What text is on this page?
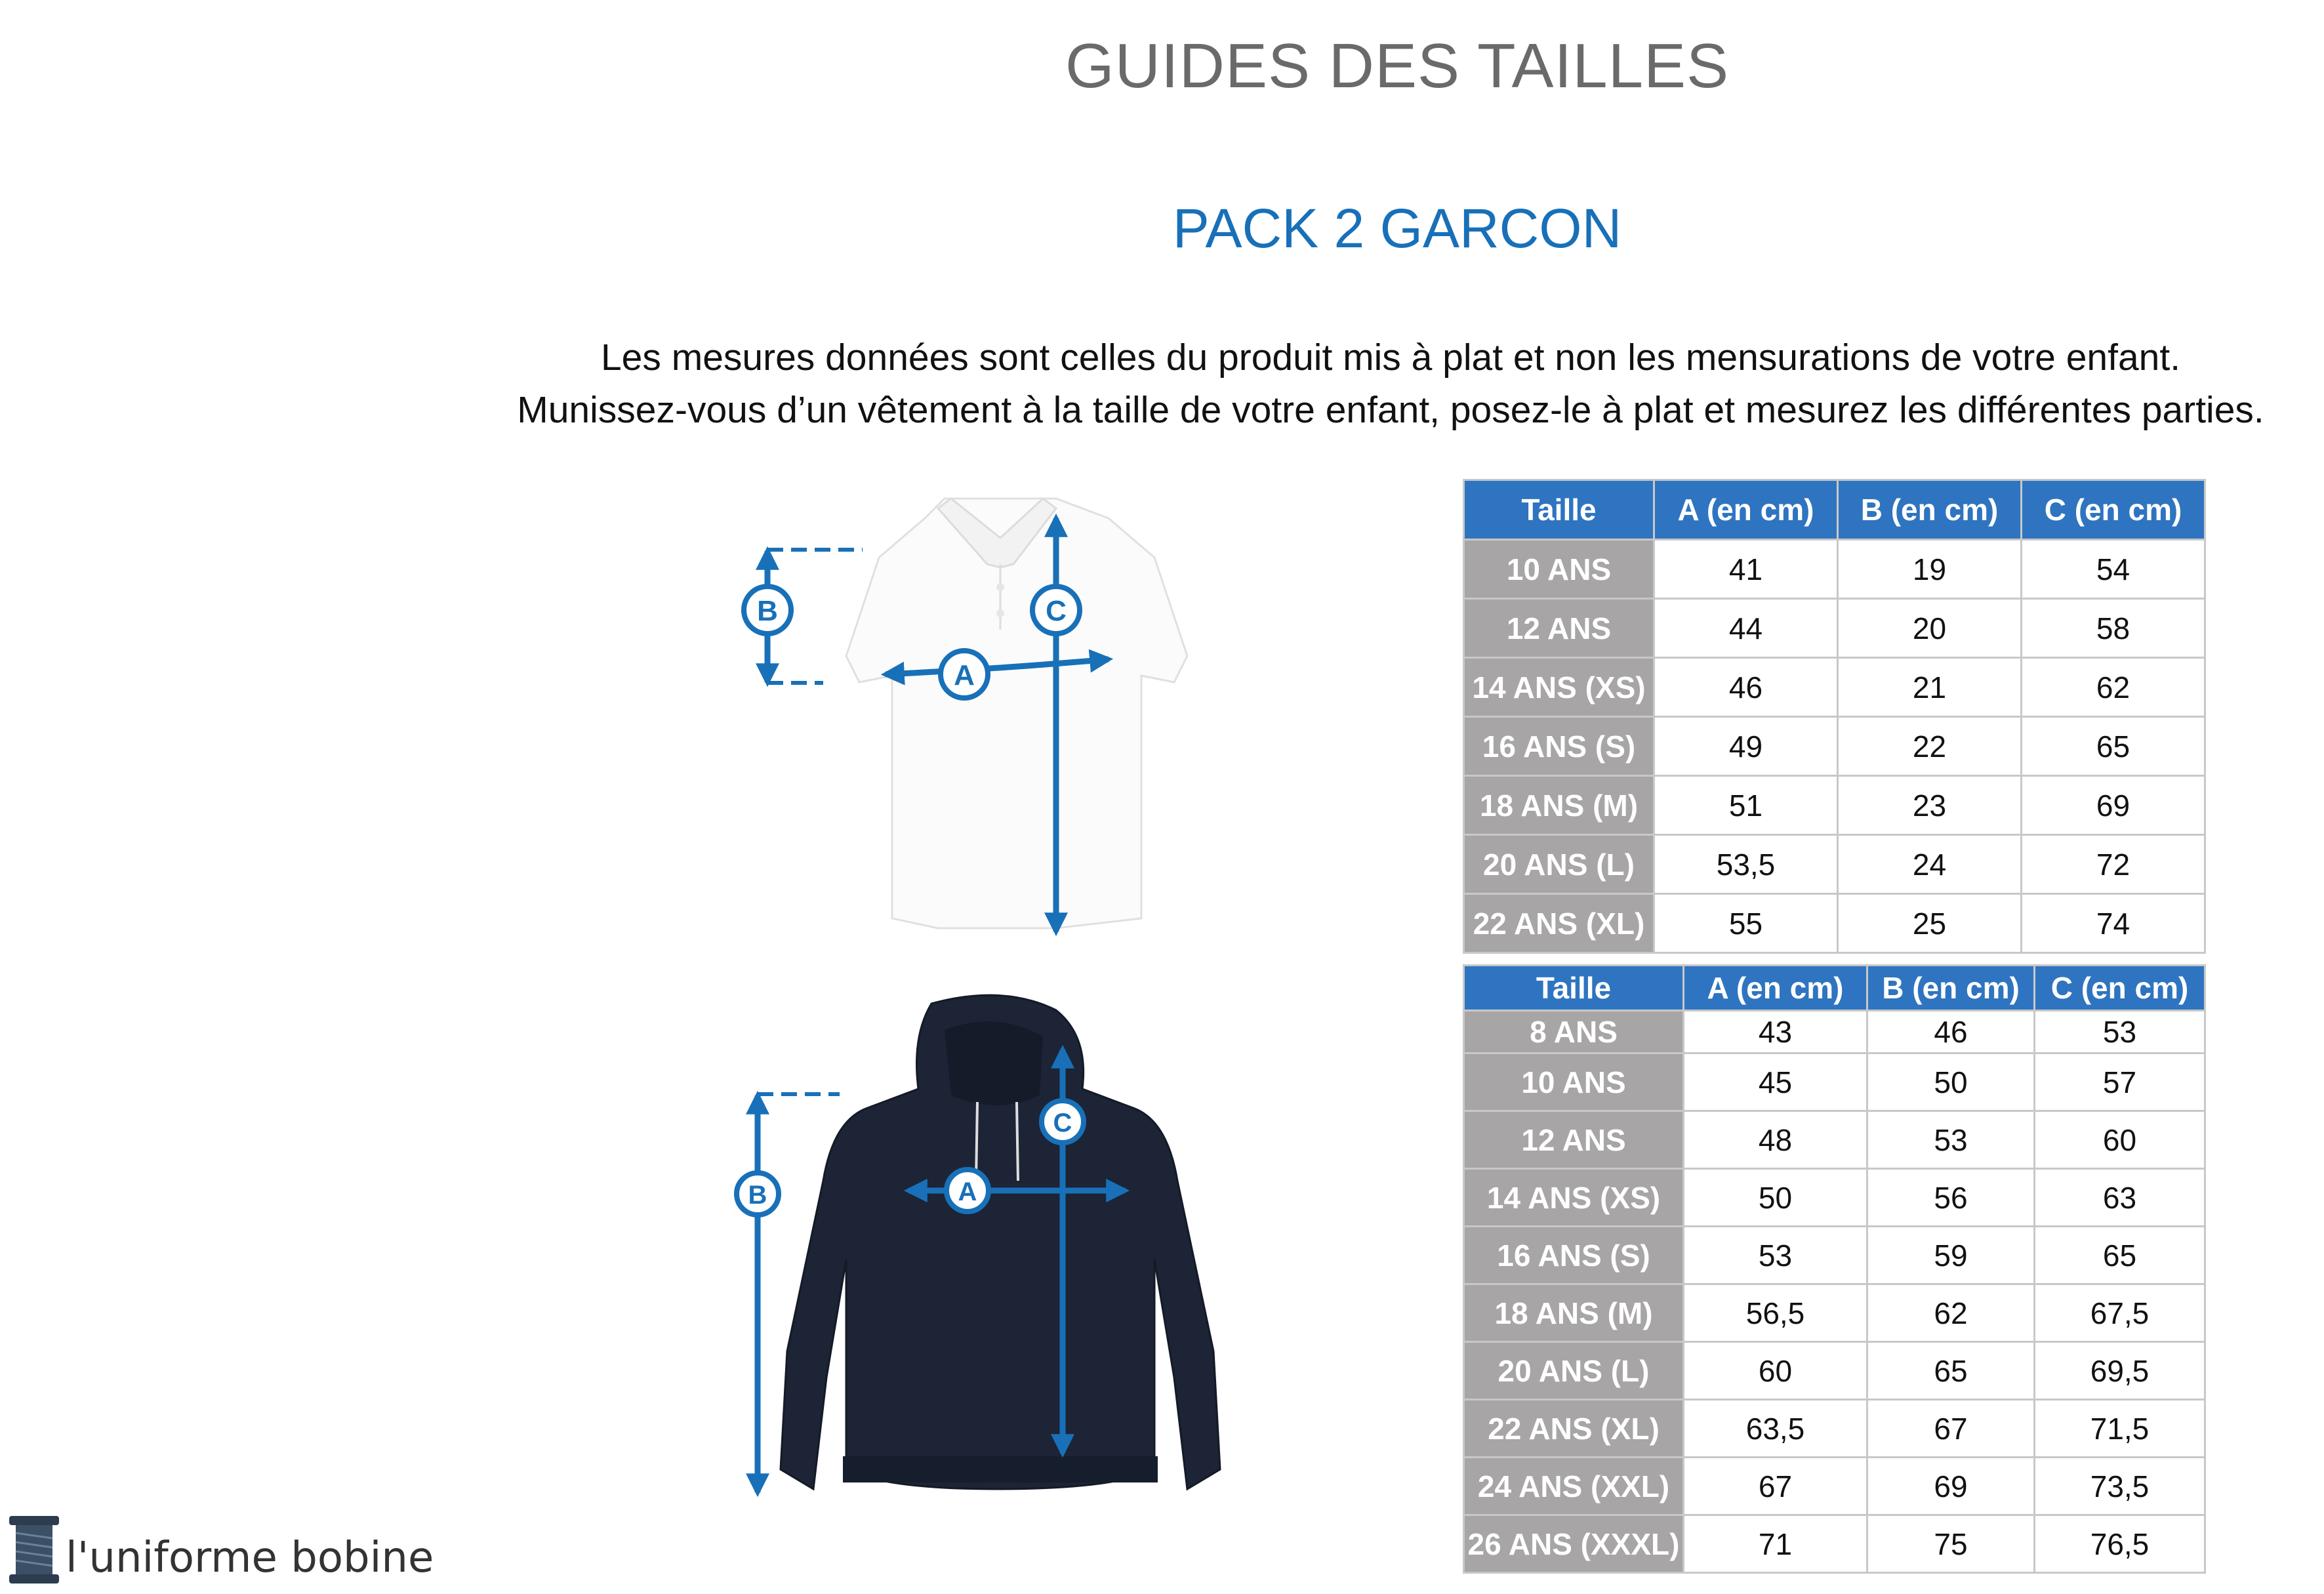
GUIDES DES TAILLES
PACK 2 GARCON
Les mesures données sont celles du produit mis à plat et non les mensurations de votre enfant.
Munissez-vous d’un vêtement à la taille de votre enfant, posez-le à plat et mesurez les différentes parties.
B	C
A
B
C
A
Taille	A (en cm)	B (en cm)	C (en cm)
10 ANS	41	19	54
12 ANS	44	20	58
14 ANS (XS)	46	21	62
16 ANS (S)	49	22	65
18 ANS (M)	51	23	69
20 ANS (L)	53,5	24	72
22 ANS (XL)	55	25	74
Taille	A (en cm)	B (en cm)	C (en cm)
8 ANS	43	46	53
10 ANS	45	50	57
12 ANS	48	53	60
14 ANS (XS)	50	56	63
16 ANS (S)	53	59	65
18 ANS (M)	56,5	62	67,5
20 ANS (L)	60	65	69,5
22 ANS (XL)	63,5	67	71,5
24 ANS (XXL)	67	69	73,5
26 ANS (XXXL)	71	75	76,5
l'uniforme bobine
